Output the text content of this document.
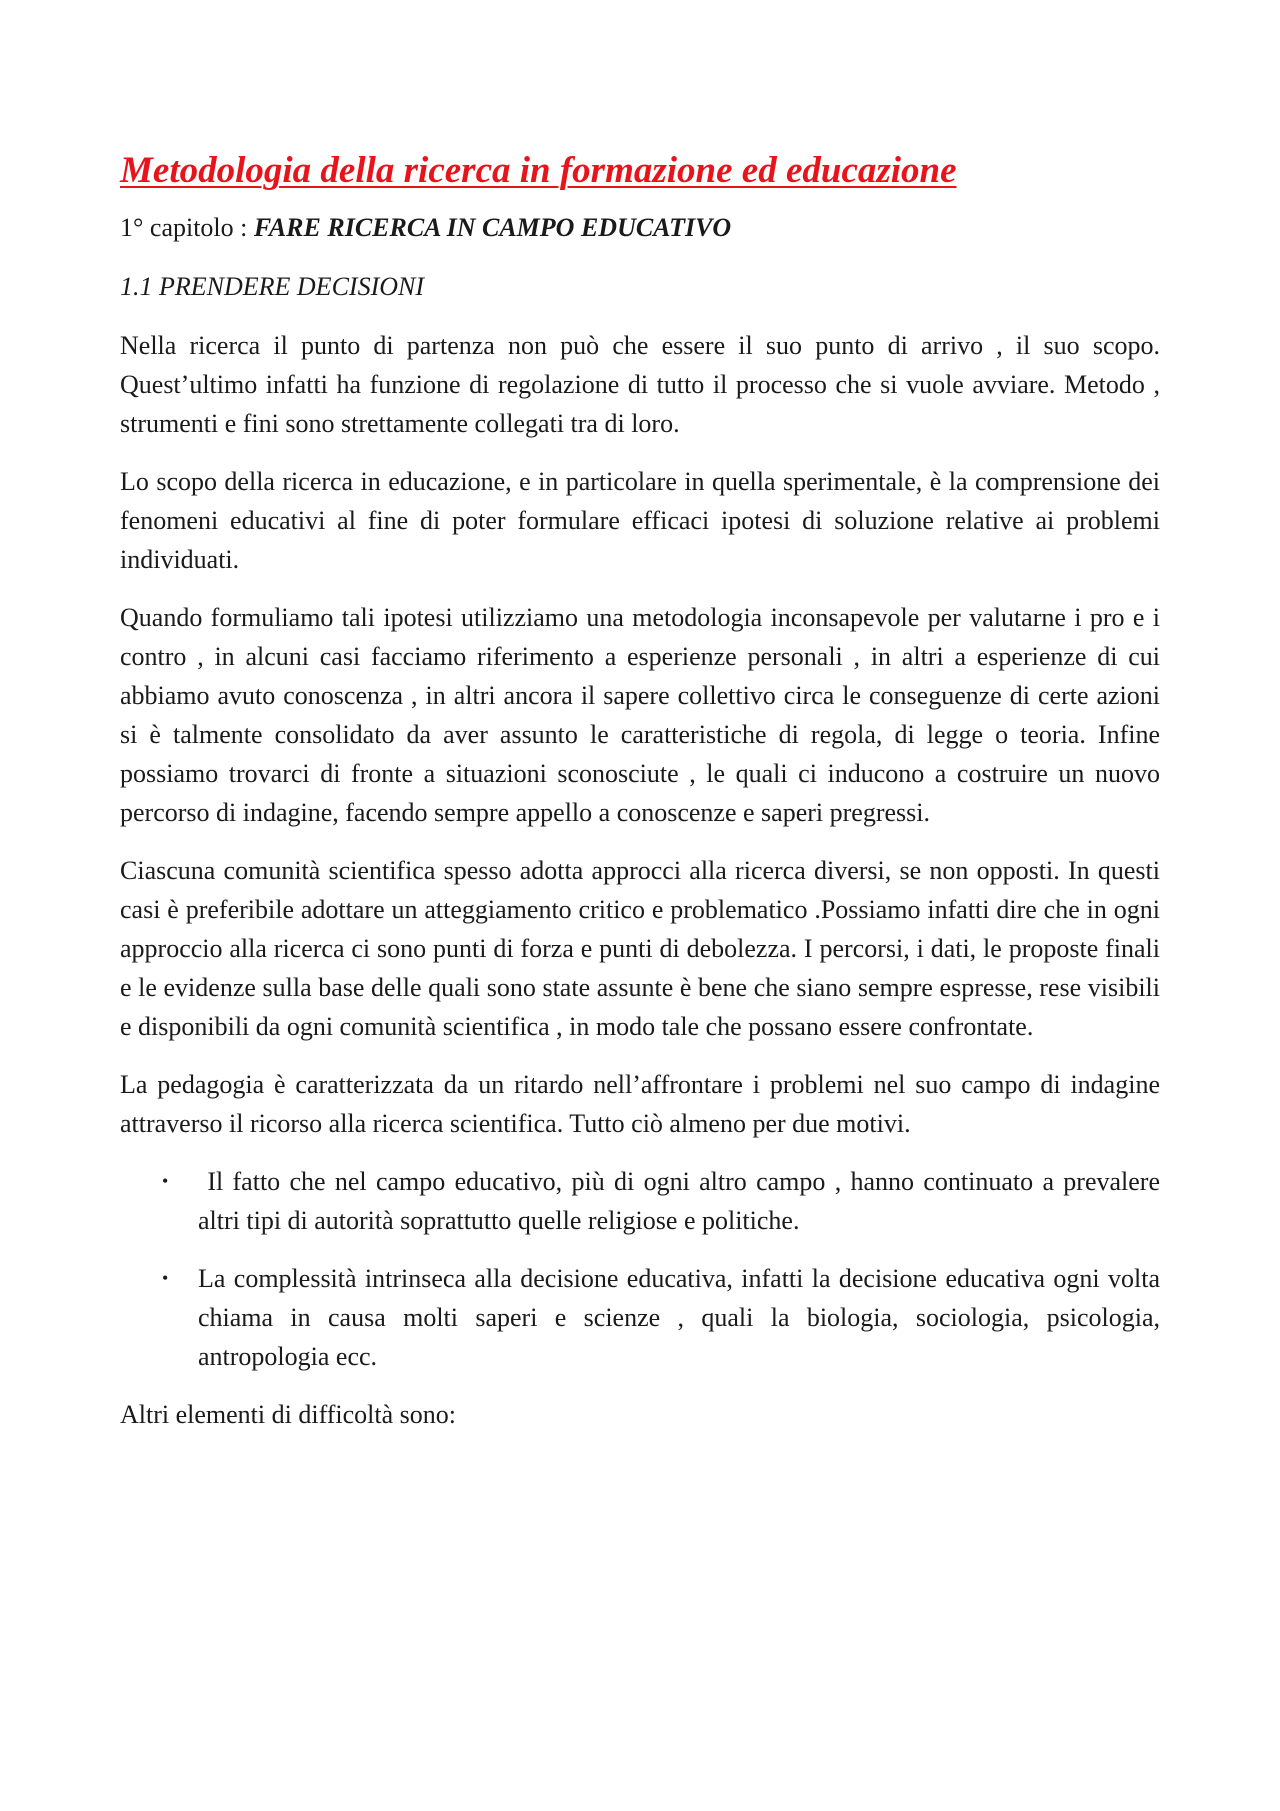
Metodologia della ricerca in formazione ed educazione

1° capitolo : FARE RICERCA IN CAMPO EDUCATIVO

1.1 PRENDERE DECISIONI

Nella ricerca il punto di partenza non può che essere il suo punto di arrivo , il suo scopo. Quest’ultimo infatti ha funzione di regolazione di tutto il processo che si vuole avviare. Metodo , strumenti e fini sono strettamente collegati tra di loro.

Lo scopo della ricerca in educazione, e in particolare in quella sperimentale, è la comprensione dei fenomeni educativi al fine di poter formulare efficaci ipotesi di soluzione relative ai problemi individuati.

Quando formuliamo tali ipotesi utilizziamo una metodologia inconsapevole per valutarne i pro e i contro , in alcuni casi facciamo riferimento a esperienze personali , in altri a esperienze di cui abbiamo avuto conoscenza , in altri ancora il sapere collettivo circa le conseguenze di certe azioni si è talmente consolidato da aver assunto le caratteristiche di regola, di legge o teoria. Infine possiamo trovarci di fronte a situazioni sconosciute , le quali ci inducono a costruire un nuovo percorso di indagine, facendo sempre appello a conoscenze e saperi pregressi.

Ciascuna comunità scientifica spesso adotta approcci alla ricerca diversi, se non opposti. In questi casi è preferibile adottare un atteggiamento critico e problematico .Possiamo infatti dire che in ogni approccio alla ricerca ci sono punti di forza e punti di debolezza. I percorsi, i dati, le proposte finali e le evidenze sulla base delle quali sono state assunte è bene che siano sempre espresse, rese visibili e disponibili da ogni comunità scientifica , in modo tale che possano essere confrontate.

La pedagogia è caratterizzata da un ritardo nell’affrontare i problemi nel suo campo di indagine attraverso il ricorso alla ricerca scientifica. Tutto ciò almeno per due motivi.

• Il fatto che nel campo educativo, più di ogni altro campo , hanno continuato a prevalere altri tipi di autorità soprattutto quelle religiose e politiche.
• La complessità intrinseca alla decisione educativa, infatti la decisione educativa ogni volta chiama in causa molti saperi e scienze , quali la biologia, sociologia, psicologia, antropologia ecc.

Altri elementi di difficoltà sono:
